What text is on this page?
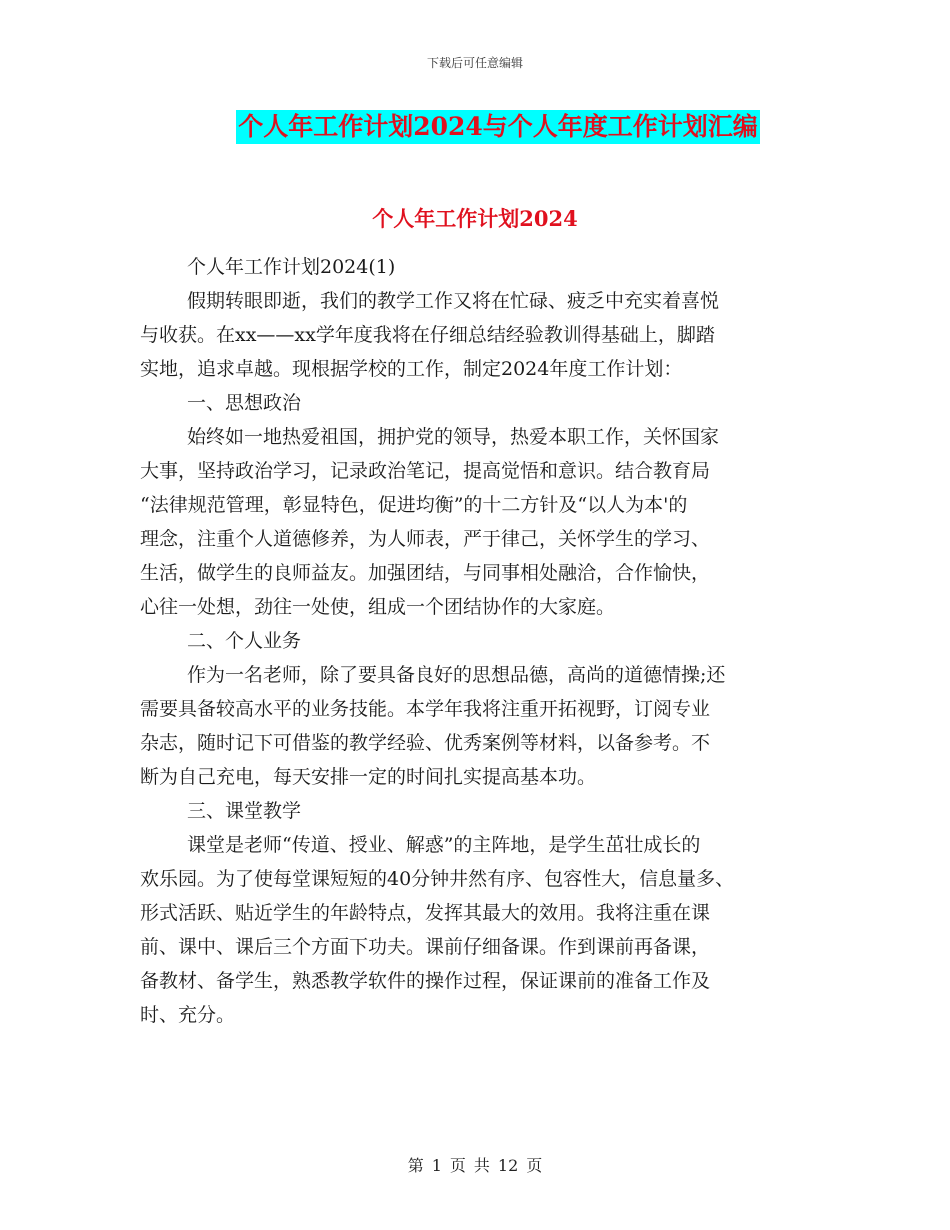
下载后可任意编辑
个人年工作计划2024与个人年度工作计划汇编
个人年工作计划2024
个人年工作计划2024(1)
假期转眼即逝，我们的教学工作又将在忙碌、疲乏中充实着喜悦
与收获。在xx——xx学年度我将在仔细总结经验教训得基础上，脚踏
实地，追求卓越。现根据学校的工作，制定2024年度工作计划：
一、思想政治
始终如一地热爱祖国，拥护党的领导，热爱本职工作，关怀国家
大事，坚持政治学习，记录政治笔记，提高觉悟和意识。结合教育局
“法律规范管理，彰显特色，促进均衡”的十二方针及“以人为本'的
理念，注重个人道德修养，为人师表，严于律己，关怀学生的学习、
生活，做学生的良师益友。加强团结，与同事相处融洽，合作愉快，
心往一处想，劲往一处使，组成一个团结协作的大家庭。
二、个人业务
作为一名老师，除了要具备良好的思想品德，高尚的道德情操;还
需要具备较高水平的业务技能。本学年我将注重开拓视野，订阅专业
杂志，随时记下可借鉴的教学经验、优秀案例等材料，以备参考。不
断为自己充电，每天安排一定的时间扎实提高基本功。
三、课堂教学
课堂是老师“传道、授业、解惑”的主阵地，是学生茁壮成长的
欢乐园。为了使每堂课短短的40分钟井然有序、包容性大，信息量多、
形式活跃、贴近学生的年龄特点，发挥其最大的效用。我将注重在课
前、课中、课后三个方面下功夫。课前仔细备课。作到课前再备课，
备教材、备学生，熟悉教学软件的操作过程，保证课前的准备工作及
时、充分。
第 1 页 共 12 页
